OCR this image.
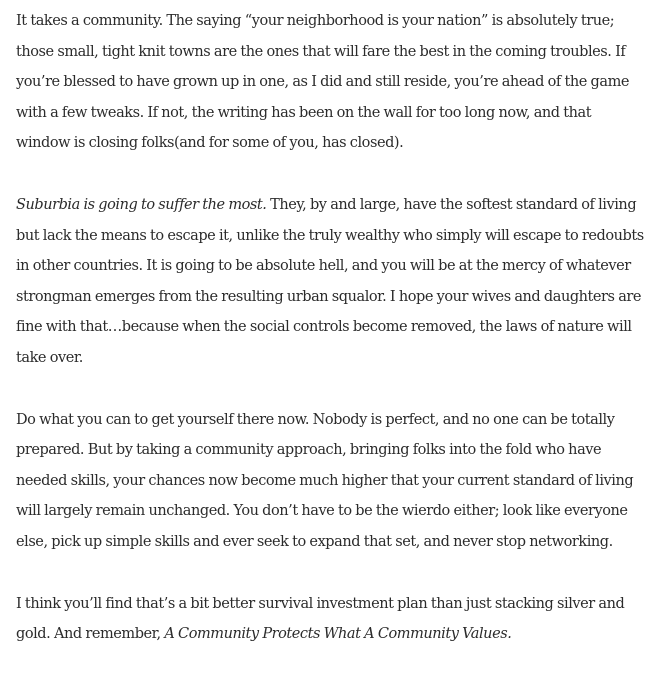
It takes a community. The saying “your neighborhood is your nation” is absolutely true; those small, tight knit towns are the ones that will fare the best in the coming troubles. If you’re blessed to have grown up in one, as I did and still reside, you’re ahead of the game with a few tweaks. If not, the writing has been on the wall for too long now, and that window is closing folks(and for some of you, has closed).

Suburbia is going to suffer the most. They, by and large, have the softest standard of living but lack the means to escape it, unlike the truly wealthy who simply will escape to redoubts in other countries. It is going to be absolute hell, and you will be at the mercy of whatever strongman emerges from the resulting urban squalor. I hope your wives and daughters are fine with that…because when the social controls become removed, the laws of nature will take over.

Do what you can to get yourself there now. Nobody is perfect, and no one can be totally prepared. But by taking a community approach, bringing folks into the fold who have needed skills, your chances now become much higher that your current standard of living will largely remain unchanged. You don’t have to be the wierdo either; look like everyone else, pick up simple skills and ever seek to expand that set, and never stop networking.

I think you’ll find that’s a bit better survival investment plan than just stacking silver and gold. And remember, A Community Protects What A Community Values.
